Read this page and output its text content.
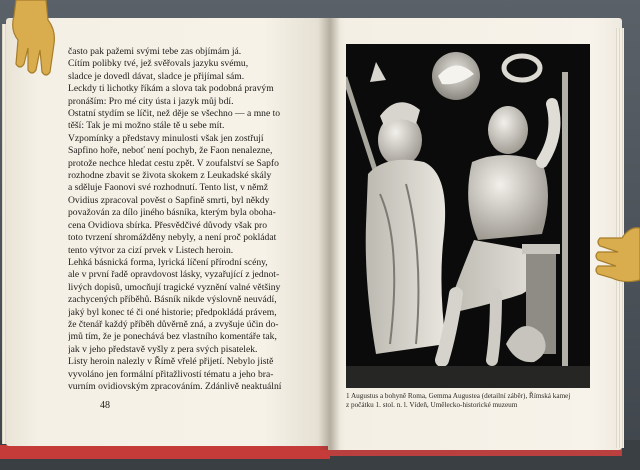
často pak pažemi svými tebe zas objímám já.
Cítím polibky tvé, jež svěřovals jazyku svému,
sladce je dovedl dávat, sladce je přijímal sám.
Leckdy ti lichotky říkám a slova tak podobná pravým
pronáším: Pro mé city ústa i jazyk můj bdí.
Ostatní stydím se líčit, než děje se všechno — a mne to
těší: Tak je mi možno stále tě u sebe mít.
Vzpomínky a představy minulosti však jen zostřují
Sapfino hoře, neboť není pochyb, že Faon nenalezne,
protože nechce hledat cestu zpět. V zoufalství se Sapfo
rozhodne zbavit se života skokem z Leukadské skály
a sděluje Faonovi své rozhodnutí. Tento list, v němž
Ovidius zpracoval pověst o Sapfině smrti, byl někdy
považován za dílo jiného básníka, kterým byla oboha-
cena Ovidiova sbírka. Přesvědčivé důvody však pro
toto tvrzení shromážděny nebyly, a není proč pokládat
tento výtvor za cizí prvek v Listech heroin.
Lehká básnická forma, lyrická líčení přírodní scény,
ale v první řadě opravdovost lásky, vyzařující z jednot-
livých dopisů, umocňují tragické vyznění valné většiny
zachycených příběhů. Básník nikde výslovně neuvádí,
jaký byl konec té či oné historie; předpokládá právem,
že čtenář každý příběh důvěrně zná, a zvyšuje účin do-
jmů tím, že je ponechává bez vlastního komentáře tak,
jak v jeho představě vyšly z pera svých pisatelek.
Listy heroin nalezly v Římě vřelé přijetí. Nebylo jistě
vyvoláno jen formální přitažlivostí tématu a jeho bra-
vurním ovidiovským zpracováním. Zdánlivě neaktuální
48
1 Augustus a bohyně Roma, Gemma Augustea (detailní záběr), Římská kamej
z počátku 1. stol. n. l. Vídeň, Umělecko-historické muzeum
